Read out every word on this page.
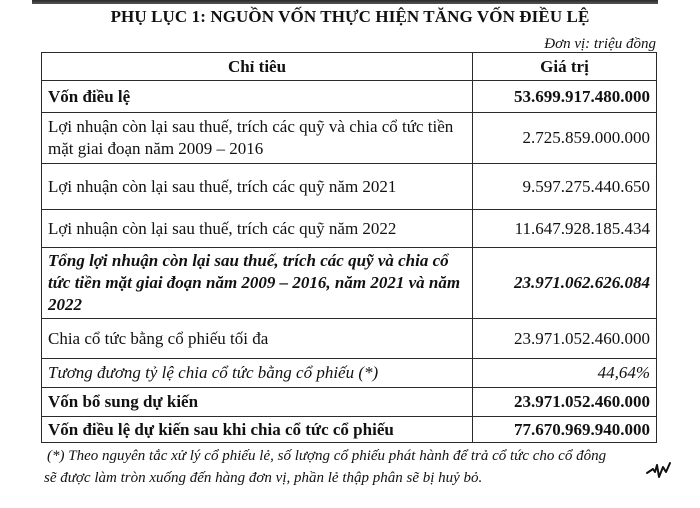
PHỤ LỤC 1: NGUỒN VỐN THỰC HIỆN TĂNG VỐN ĐIỀU LỆ
Đơn vị: triệu đồng
Chỉ tiêu	Giá trị
Vốn điều lệ	53.699.917.480.000
Lợi nhuận còn lại sau thuế, trích các quỹ và chia cổ tức tiền mặt giai đoạn năm 2009 – 2016	2.725.859.000.000
Lợi nhuận còn lại sau thuế, trích các quỹ năm 2021	9.597.275.440.650
Lợi nhuận còn lại sau thuế, trích các quỹ năm 2022	11.647.928.185.434
Tổng lợi nhuận còn lại sau thuế, trích các quỹ và chia cổ tức tiền mặt giai đoạn năm 2009 – 2016, năm 2021 và năm 2022	23.971.062.626.084
Chia cổ tức bằng cổ phiếu tối đa	23.971.052.460.000
Tương đương tỷ lệ chia cổ tức bằng cổ phiếu (*)	44,64%
Vốn bổ sung dự kiến	23.971.052.460.000
Vốn điều lệ dự kiến sau khi chia cổ tức cổ phiếu	77.670.969.940.000
(*) Theo nguyên tắc xử lý cổ phiếu lẻ, số lượng cổ phiếu phát hành để trả cổ tức cho cổ đông
sẽ được làm tròn xuống đến hàng đơn vị, phần lẻ thập phân sẽ bị huỷ bỏ.
